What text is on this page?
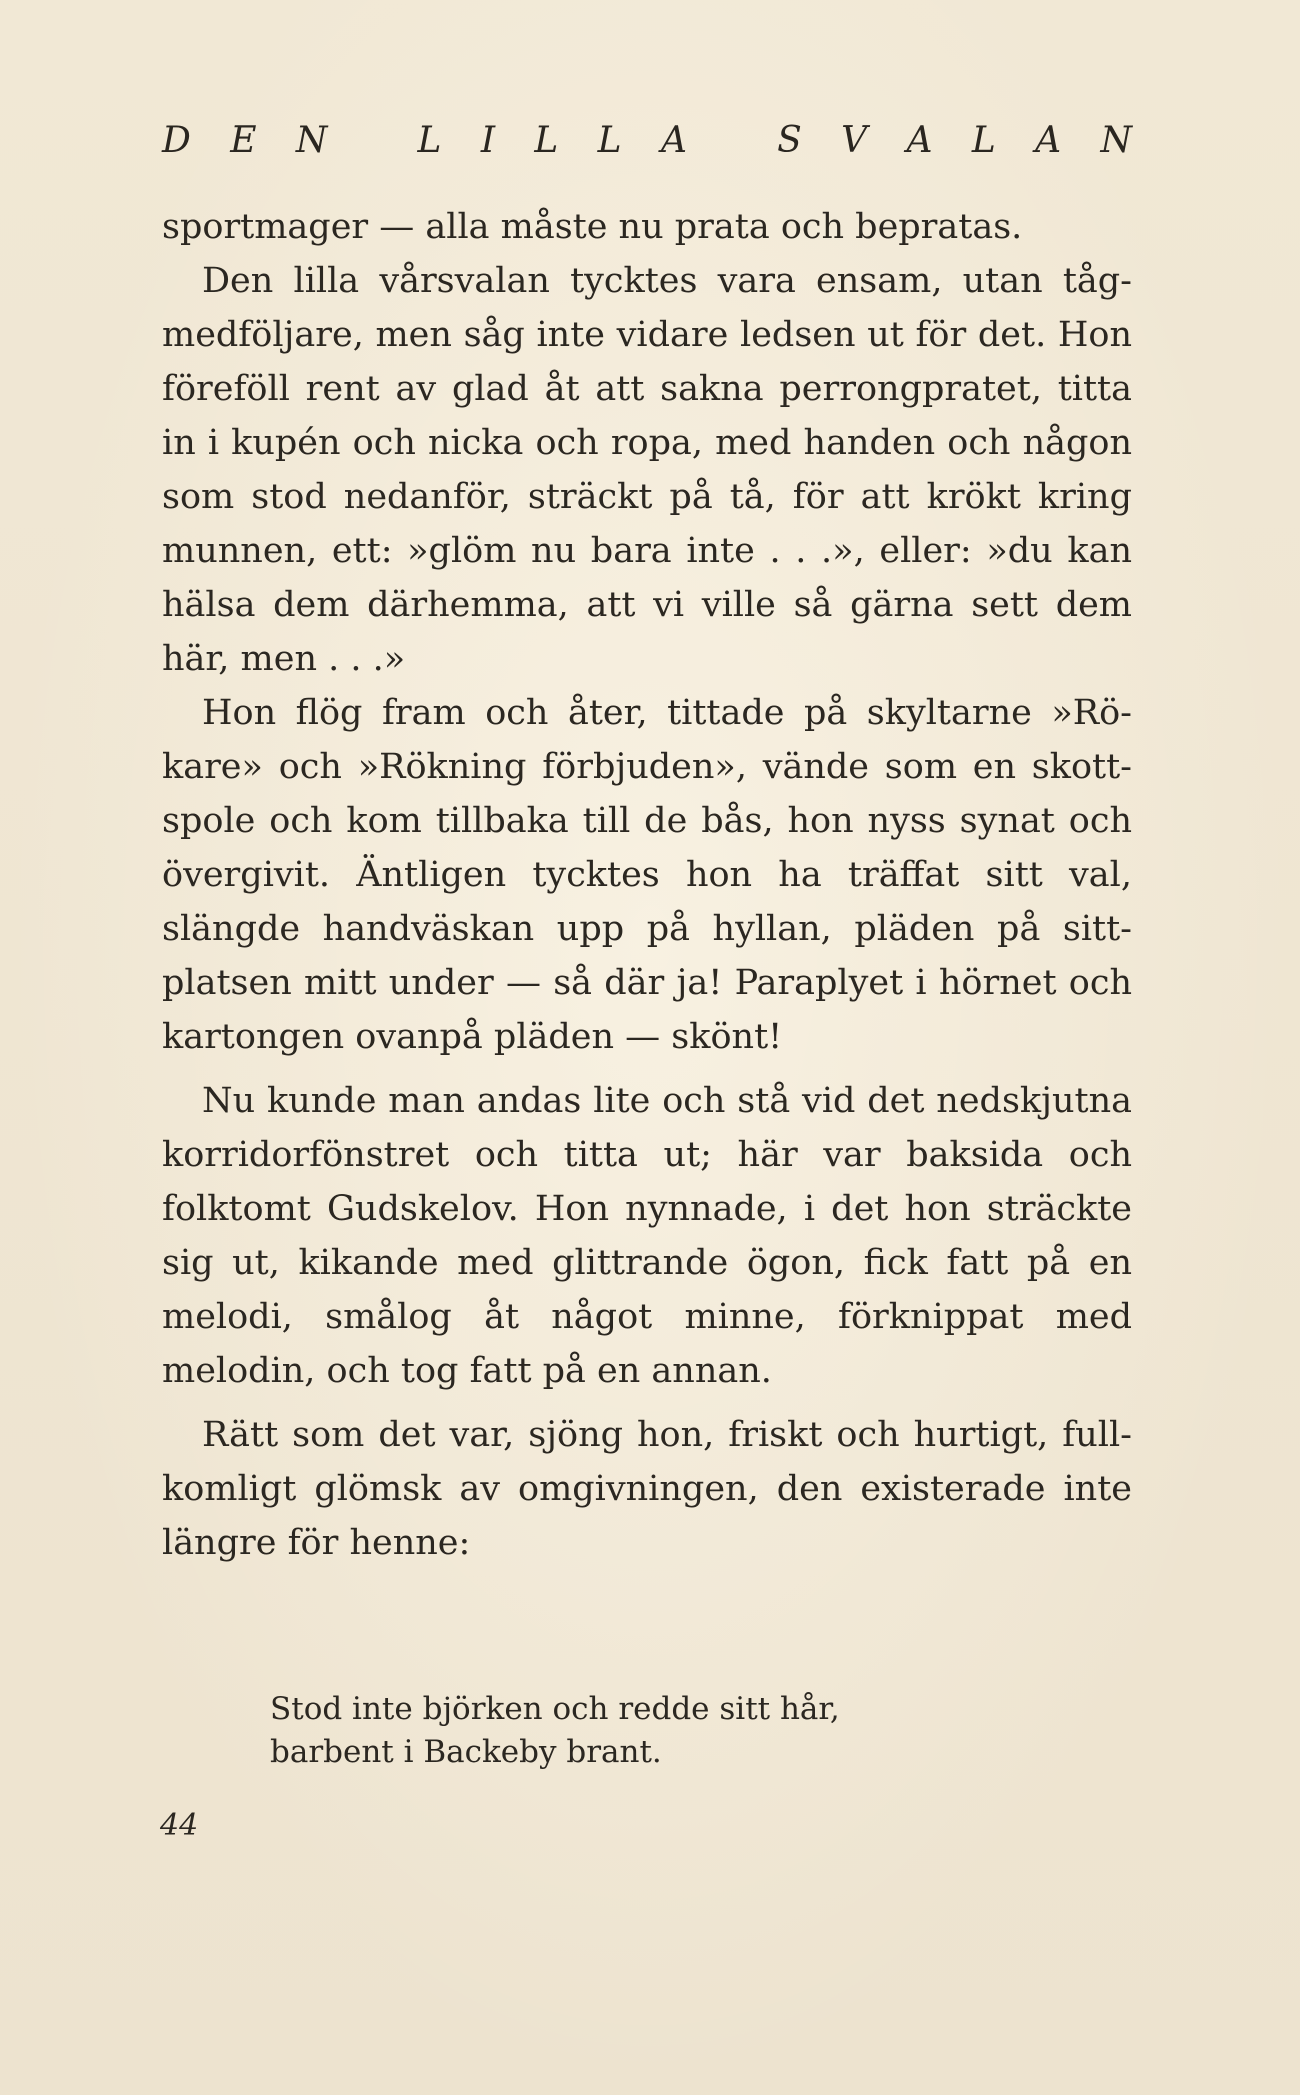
D E N
	L I L L A
	S V A L A N

sportmager — alla måste nu prata och bepratas.

Den lilla vårsvalan tycktes vara ensam, utan tågmedföljare, men såg inte vidare ledsen ut för det. Hon föreföll rent av glad åt att sakna perrongpratet, titta in i kupén och nicka och ropa, med handen och någon som stod nedanför, sträckt på tå, för att krökt kring munnen, ett: »glöm nu bara inte . . .», eller: »du kan hälsa dem därhemma, att vi ville så gärna sett dem här, men . . .»

Hon flög fram och åter, tittade på skyltarne »Rökare» och »Rökning förbjuden», vände som en skottspole och kom tillbaka till de bås, hon nyss synat och övergivit. Äntligen tycktes hon ha träffat sitt val, slängde handväskan upp på hyllan, pläden på sittplatsen mitt under — så där ja! Paraplyet i hörnet och kartongen ovanpå pläden — skönt!

Nu kunde man andas lite och stå vid det nedskjutna korridorfönstret och titta ut; här var baksida och folktomt Gudskelov. Hon nynnade, i det hon sträckte sig ut, kikande med glittrande ögon, fick fatt på en melodi, smålog åt något minne, förknippat med melodin, och tog fatt på en annan.

Rätt som det var, sjöng hon, friskt och hurtigt, fullkomligt glömsk av omgivningen, den existerade inte längre för henne:

Stod inte björken och redde sitt hår,
barbent i Backeby brant.
44
